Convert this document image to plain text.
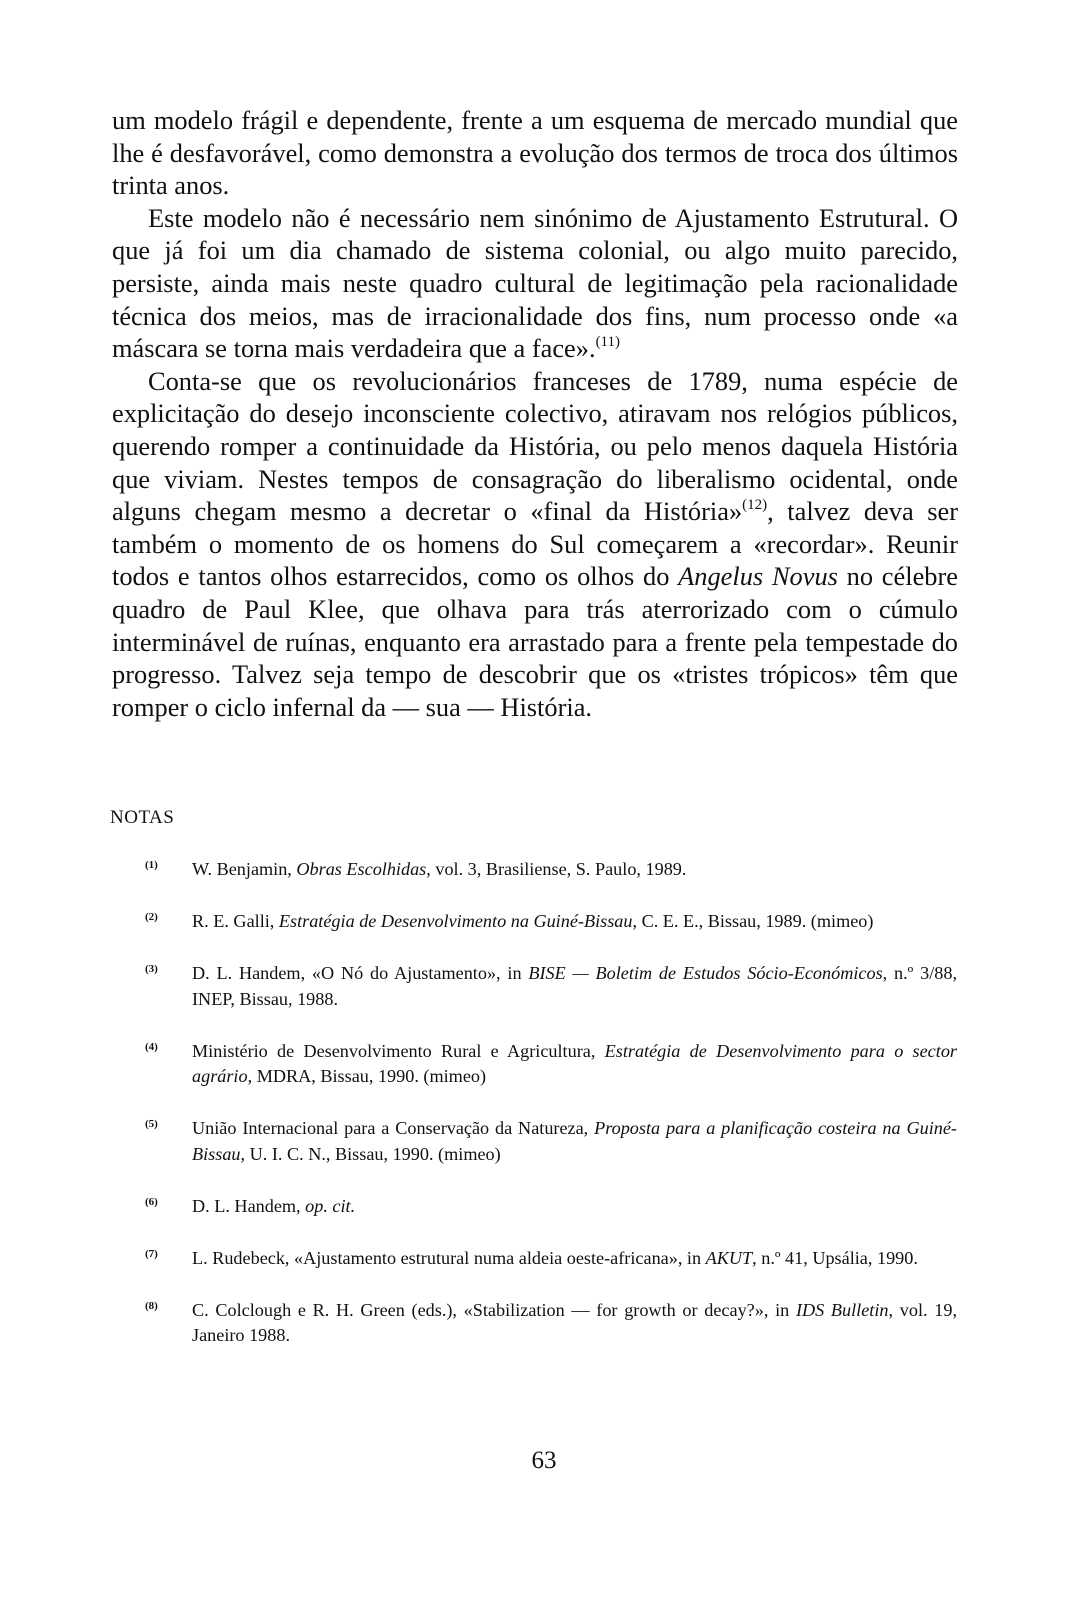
um modelo frágil e dependente, frente a um esquema de mercado mundial que lhe é desfavorável, como demonstra a evolução dos termos de troca dos últimos trinta anos.

Este modelo não é necessário nem sinónimo de Ajustamento Estrutural. O que já foi um dia chamado de sistema colonial, ou algo muito parecido, persiste, ainda mais neste quadro cultural de legitimação pela racionalidade técnica dos meios, mas de irracionalidade dos fins, num processo onde «a máscara se torna mais verdadeira que a face».$^{(11)}$

Conta-se que os revolucionários franceses de 1789, numa espécie de explicitação do desejo inconsciente colectivo, atiravam nos relógios públicos, querendo romper a continuidade da História, ou pelo menos daquela História que viviam. Nestes tempos de consagração do liberalismo ocidental, onde alguns chegam mesmo a decretar o «final da História»$^{(12)}$, talvez deva ser também o momento de os homens do Sul começarem a «recordar». Reunir todos e tantos olhos estarrecidos, como os olhos do Angelus Novus no célebre quadro de Paul Klee, que olhava para trás aterrorizado com o cúmulo interminável de ruínas, enquanto era arrastado para a frente pela tempestade do progresso. Talvez seja tempo de descobrir que os «tristes trópicos» têm que romper o ciclo infernal da — sua — História.

NOTAS
(1)	W. Benjamin, Obras Escolhidas, vol. 3, Brasiliense, S. Paulo, 1989.
(2)	R. E. Galli, Estratégia de Desenvolvimento na Guiné-Bissau, C. E. E., Bissau, 1989. (mimeo)
(3)	D. L. Handem, «O Nó do Ajustamento», in BISE — Boletim de Estudos Sócio-Económicos, n.º 3/88, INEP, Bissau, 1988.
(4)	Ministério de Desenvolvimento Rural e Agricultura, Estratégia de Desenvolvimento para o sector agrário, MDRA, Bissau, 1990. (mimeo)
(5)	União Internacional para a Conservação da Natureza, Proposta para a planificação costeira na Guiné-Bissau, U. I. C. N., Bissau, 1990. (mimeo)
(6)	D. L. Handem, op. cit.
(7)	L. Rudebeck, «Ajustamento estrutural numa aldeia oeste-africana», in AKUT, n.º 41, Upsália, 1990.
(8)	C. Colclough e R. H. Green (eds.), «Stabilization — for growth or decay?», in IDS Bulletin, vol. 19, Janeiro 1988.
63
